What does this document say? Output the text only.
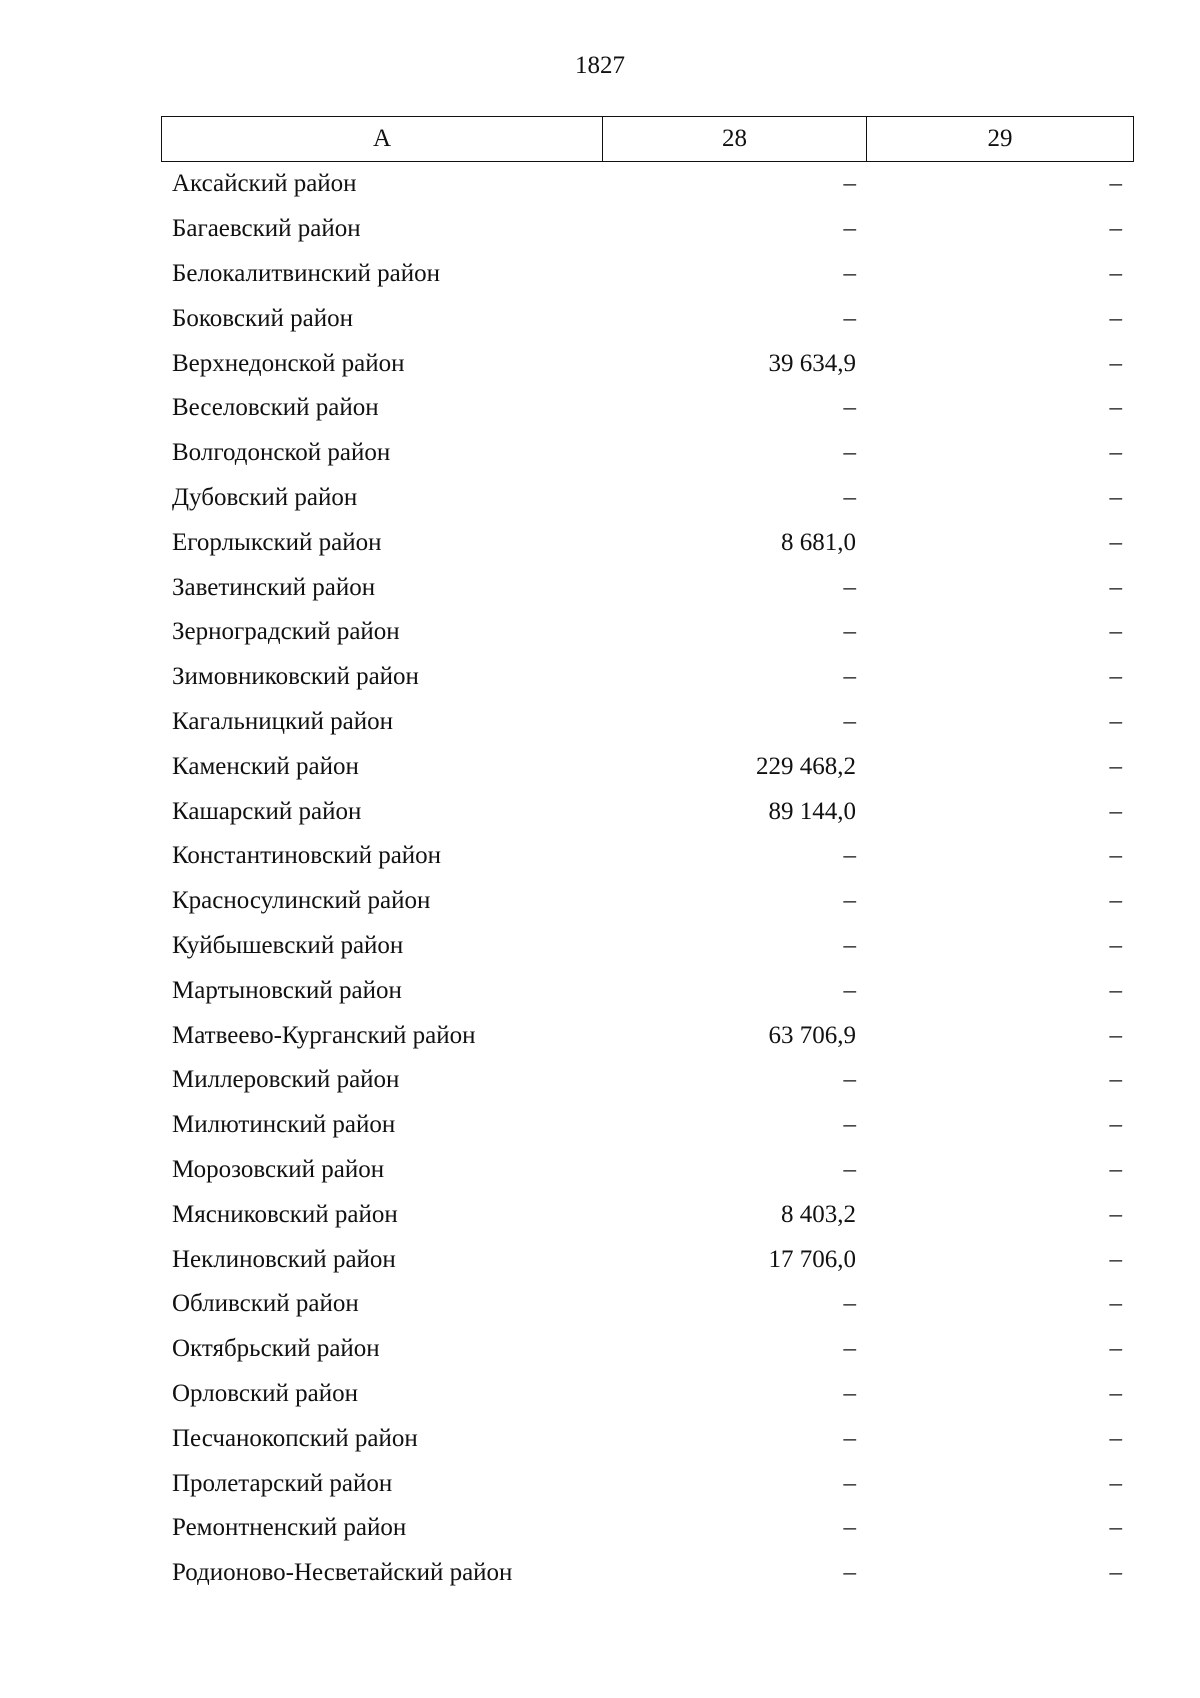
1827
А	28	29
Аксайский район	–	–
Багаевский район	–	–
Белокалитвинский район	–	–
Боковский район	–	–
Верхнедонской район	39 634,9	–
Веселовский район	–	–
Волгодонской район	–	–
Дубовский район	–	–
Егорлыкский район	8 681,0	–
Заветинский район	–	–
Зерноградский район	–	–
Зимовниковский район	–	–
Кагальницкий район	–	–
Каменский район	229 468,2	–
Кашарский район	89 144,0	–
Константиновский район	–	–
Красносулинский район	–	–
Куйбышевский район	–	–
Мартыновский район	–	–
Матвеево-Курганский район	63 706,9	–
Миллеровский район	–	–
Милютинский район	–	–
Морозовский район	–	–
Мясниковский район	8 403,2	–
Неклиновский район	17 706,0	–
Обливский район	–	–
Октябрьский район	–	–
Орловский район	–	–
Песчанокопский район	–	–
Пролетарский район	–	–
Ремонтненский район	–	–
Родионово-Несветайский район	–	–
